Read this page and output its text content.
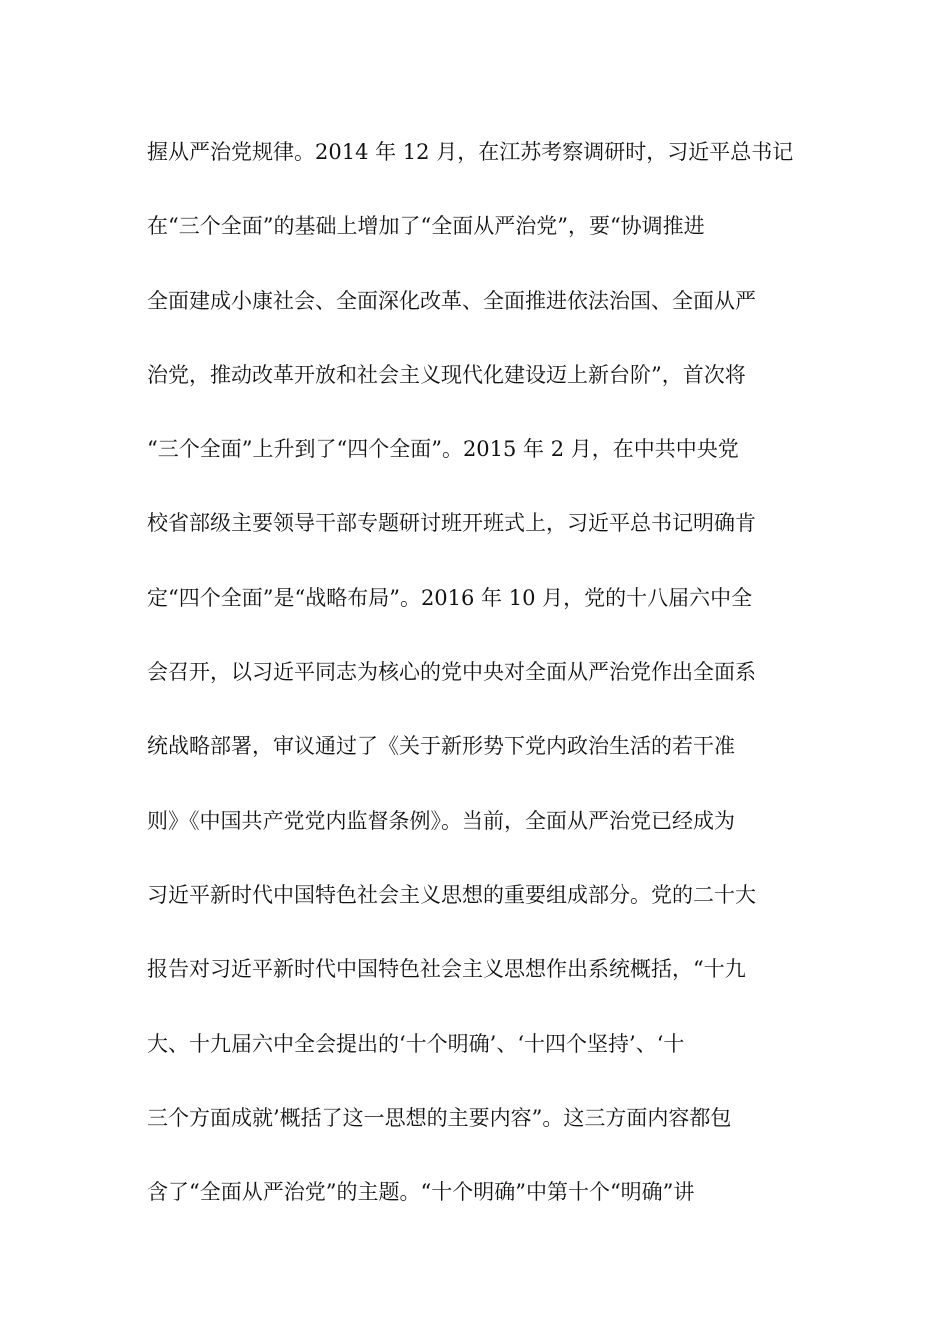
握从严治党规律。2014 年 12 月，在江苏考察调研时，习近平总书记
在“三个全面”的基础上增加了“全面从严治党”，要“协调推进
全面建成小康社会、全面深化改革、全面推进依法治国、全面从严
治党，推动改革开放和社会主义现代化建设迈上新台阶”，首次将
“三个全面”上升到了“四个全面”。2015 年 2 月，在中共中央党
校省部级主要领导干部专题研讨班开班式上，习近平总书记明确肯
定“四个全面”是“战略布局”。2016 年 10 月，党的十八届六中全
会召开，以习近平同志为核心的党中央对全面从严治党作出全面系
统战略部署，审议通过了《关于新形势下党内政治生活的若干准
则》《中国共产党党内监督条例》。当前，全面从严治党已经成为
习近平新时代中国特色社会主义思想的重要组成部分。党的二十大
报告对习近平新时代中国特色社会主义思想作出系统概括，“十九
大、十九届六中全会提出的‘十个明确’、‘十四个坚持’、‘十
三个方面成就’概括了这一思想的主要内容”。这三方面内容都包
含了“全面从严治党”的主题。“十个明确”中第十个“明确”讲
